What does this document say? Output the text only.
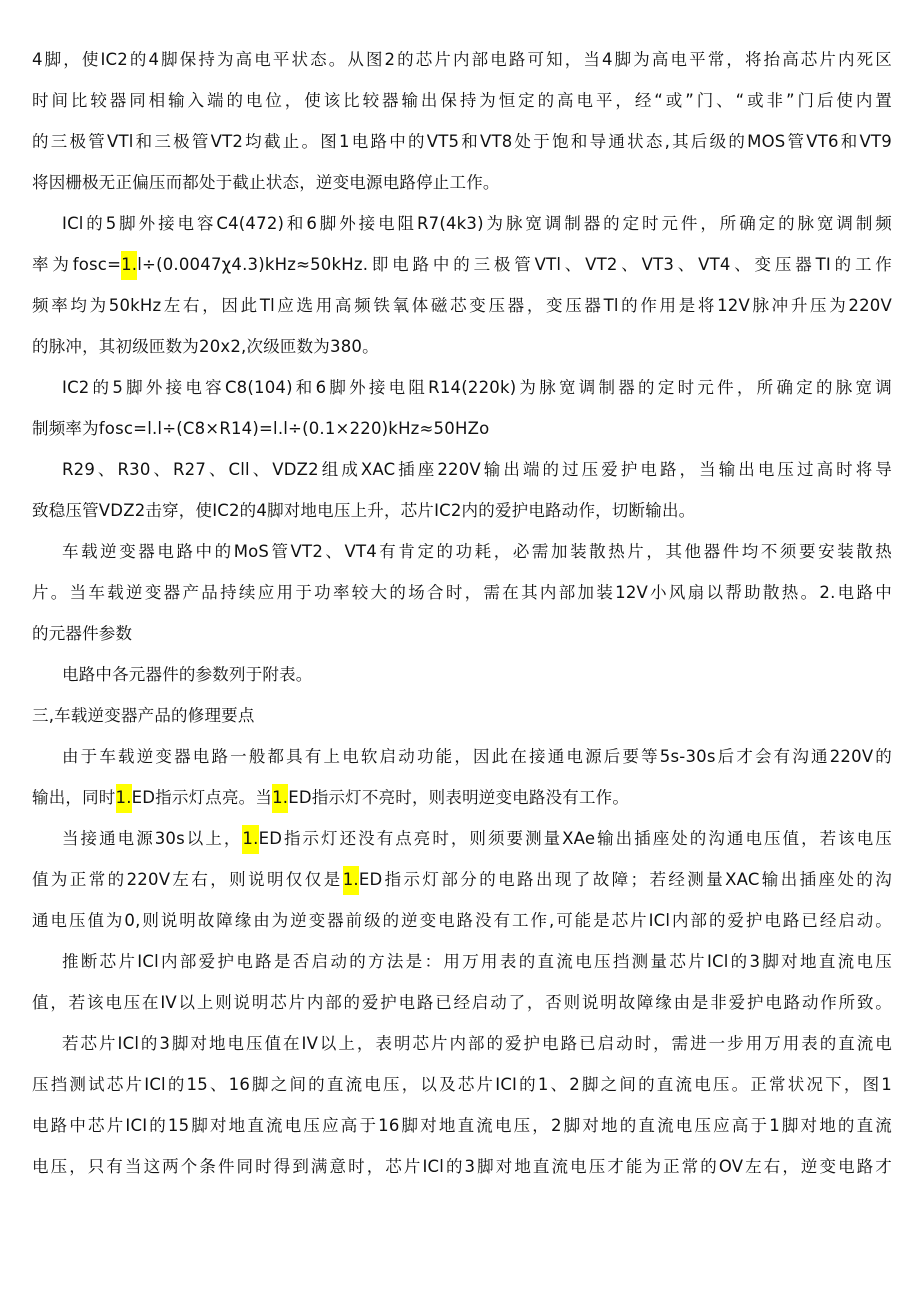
4脚，使IC2的4脚保持为高电平状态。从图2的芯片内部电路可知，当4脚为高电平常，将抬高芯片内死区
时间比较器同相输入端的电位，使该比较器输出保持为恒定的高电平，经“或”门、“或非”门后使内置
的三极管VTl和三极管VT2均截止。图1电路中的VT5和VT8处于饱和导通状态,其后级的MOS管VT6和VT9
将因栅极无正偏压而都处于截止状态，逆变电源电路停止工作。
ICl的5脚外接电容C4(472)和6脚外接电阻R7(4k3)为脉宽调制器的定时元件，所确定的脉宽调制频
率为fosc=1.l÷(0.0047χ4.3)kHz≈50kHz.即电路中的三极管VTl、VT2、VT3、VT4、变压器TI的工作
频率均为50kHz左右，因此Tl应选用高频铁氧体磁芯变压器，变压器Tl的作用是将12V脉冲升压为220V
的脉冲，其初级匝数为20x2,次级匝数为380。
IC2的5脚外接电容C8(104)和6脚外接电阻R14(220k)为脉宽调制器的定时元件，所确定的脉宽调
制频率为fosc=l.l÷(C8×R14)=l.l÷(0.1×220)kHz≈50HZo
R29、R30、R27、Cll、VDZ2组成XAC插座220V输出端的过压爱护电路，当输出电压过高时将导
致稳压管VDZ2击穿，使IC2的4脚对地电压上升，芯片IC2内的爱护电路动作，切断输出。
车载逆变器电路中的MoS管VT2、VT4有肯定的功耗，必需加装散热片，其他器件均不须要安装散热
片。当车载逆变器产品持续应用于功率较大的场合时，需在其内部加装12V小风扇以帮助散热。2.电路中
的元器件参数
电路中各元器件的参数列于附表。
三,车载逆变器产品的修理要点
由于车载逆变器电路一般都具有上电软启动功能，因此在接通电源后要等5s-30s后才会有沟通220V的
输出，同时1.ED指示灯点亮。当1.ED指示灯不亮时，则表明逆变电路没有工作。
当接通电源30s以上，1.ED指示灯还没有点亮时，则须要测量XAe输出插座处的沟通电压值，若该电压
值为正常的220V左右，则说明仅仅是1.ED指示灯部分的电路出现了故障；若经测量XAC输出插座处的沟
通电压值为0,则说明故障缘由为逆变器前级的逆变电路没有工作,可能是芯片ICl内部的爱护电路已经启动。
推断芯片ICl内部爱护电路是否启动的方法是：用万用表的直流电压挡测量芯片ICl的3脚对地直流电压
值，若该电压在IV以上则说明芯片内部的爱护电路已经启动了，否则说明故障缘由是非爱护电路动作所致。
若芯片ICl的3脚对地电压值在IV以上，表明芯片内部的爱护电路已启动时，需进一步用万用表的直流电
压挡测试芯片ICl的15、16脚之间的直流电压，以及芯片ICI的1、2脚之间的直流电压。正常状况下，图1
电路中芯片ICI的15脚对地直流电压应高于16脚对地直流电压，2脚对地的直流电压应高于1脚对地的直流
电压，只有当这两个条件同时得到满意时，芯片ICl的3脚对地直流电压才能为正常的OV左右，逆变电路才
